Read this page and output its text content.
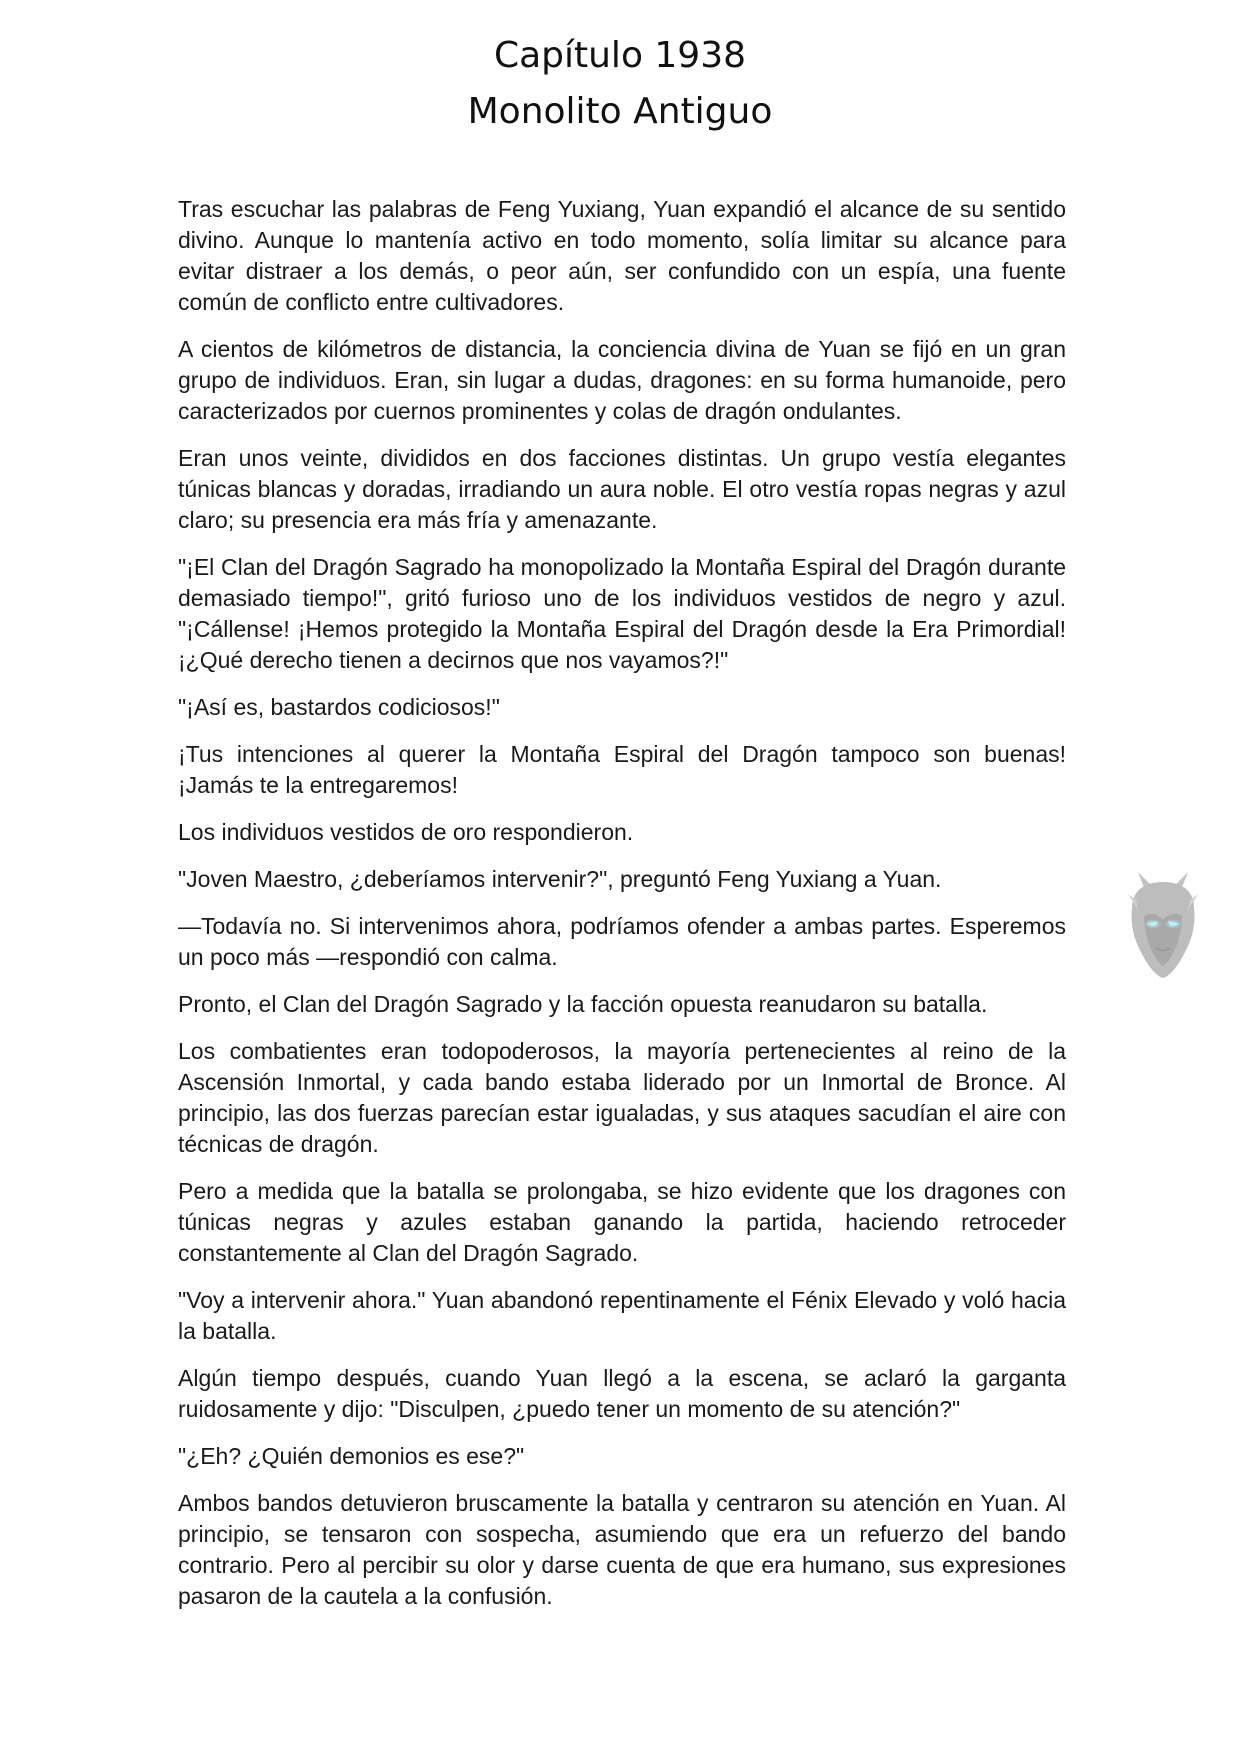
Capítulo 1938
Monolito Antiguo

Tras escuchar las palabras de Feng Yuxiang, Yuan expandió el alcance de su sentido divino. Aunque lo mantenía activo en todo momento, solía limitar su alcance para evitar distraer a los demás, o peor aún, ser confundido con un espía, una fuente común de conflicto entre cultivadores.

A cientos de kilómetros de distancia, la conciencia divina de Yuan se fijó en un gran grupo de individuos. Eran, sin lugar a dudas, dragones: en su forma humanoide, pero caracterizados por cuernos prominentes y colas de dragón ondulantes.

Eran unos veinte, divididos en dos facciones distintas. Un grupo vestía elegantes túnicas blancas y doradas, irradiando un aura noble. El otro vestía ropas negras y azul claro; su presencia era más fría y amenazante.

"¡El Clan del Dragón Sagrado ha monopolizado la Montaña Espiral del Dragón durante demasiado tiempo!", gritó furioso uno de los individuos vestidos de negro y azul. "¡Cállense! ¡Hemos protegido la Montaña Espiral del Dragón desde la Era Primordial! ¡¿Qué derecho tienen a decirnos que nos vayamos?!"

"¡Así es, bastardos codiciosos!"

¡Tus intenciones al querer la Montaña Espiral del Dragón tampoco son buenas! ¡Jamás te la entregaremos!

Los individuos vestidos de oro respondieron.

"Joven Maestro, ¿deberíamos intervenir?", preguntó Feng Yuxiang a Yuan.

—Todavía no. Si intervenimos ahora, podríamos ofender a ambas partes. Esperemos un poco más —respondió con calma.

Pronto, el Clan del Dragón Sagrado y la facción opuesta reanudaron su batalla.

Los combatientes eran todopoderosos, la mayoría pertenecientes al reino de la Ascensión Inmortal, y cada bando estaba liderado por un Inmortal de Bronce. Al principio, las dos fuerzas parecían estar igualadas, y sus ataques sacudían el aire con técnicas de dragón.

Pero a medida que la batalla se prolongaba, se hizo evidente que los dragones con túnicas negras y azules estaban ganando la partida, haciendo retroceder constantemente al Clan del Dragón Sagrado.

"Voy a intervenir ahora." Yuan abandonó repentinamente el Fénix Elevado y voló hacia la batalla.

Algún tiempo después, cuando Yuan llegó a la escena, se aclaró la garganta ruidosamente y dijo: "Disculpen, ¿puedo tener un momento de su atención?"

"¿Eh? ¿Quién demonios es ese?"

Ambos bandos detuvieron bruscamente la batalla y centraron su atención en Yuan. Al principio, se tensaron con sospecha, asumiendo que era un refuerzo del bando contrario. Pero al percibir su olor y darse cuenta de que era humano, sus expresiones pasaron de la cautela a la confusión.
